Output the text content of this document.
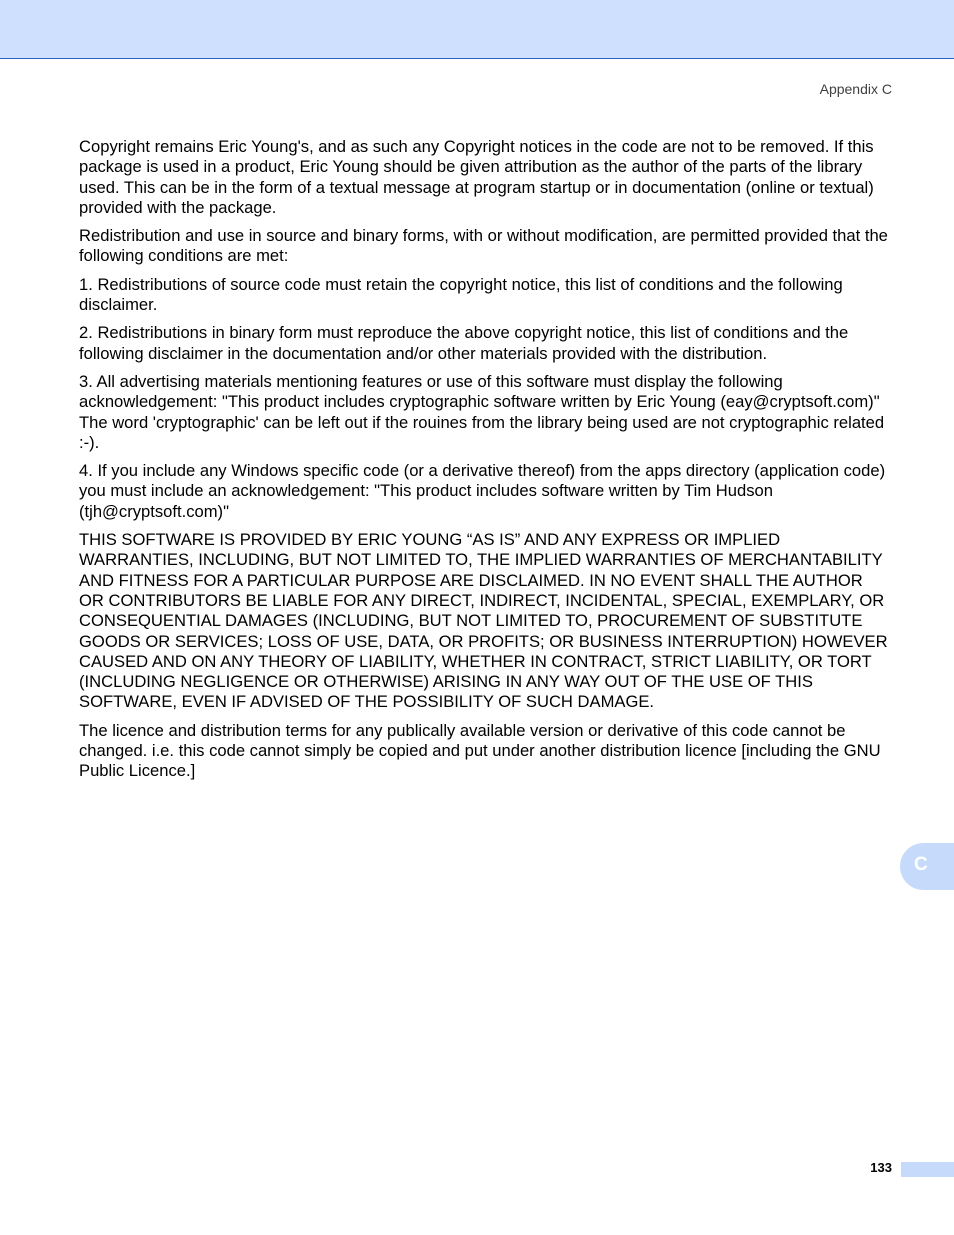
Appendix C

Copyright remains Eric Young's, and as such any Copyright notices in the code are not to be removed. If this package is used in a product, Eric Young should be given attribution as the author of the parts of the library used. This can be in the form of a textual message at program startup or in documentation (online or textual) provided with the package.

Redistribution and use in source and binary forms, with or without modification, are permitted provided that the following conditions are met:

1. Redistributions of source code must retain the copyright notice, this list of conditions and the following disclaimer.

2. Redistributions in binary form must reproduce the above copyright notice, this list of conditions and the following disclaimer in the documentation and/or other materials provided with the distribution.

3. All advertising materials mentioning features or use of this software must display the following acknowledgement: "This product includes cryptographic software written by Eric Young (eay@cryptsoft.com)" The word 'cryptographic' can be left out if the rouines from the library being used are not cryptographic related :-).

4. If you include any Windows specific code (or a derivative thereof) from the apps directory (application code) you must include an acknowledgement: "This product includes software written by Tim Hudson (tjh@cryptsoft.com)"

THIS SOFTWARE IS PROVIDED BY ERIC YOUNG “AS IS” AND ANY EXPRESS OR IMPLIED WARRANTIES, INCLUDING, BUT NOT LIMITED TO, THE IMPLIED WARRANTIES OF MERCHANTABILITY AND FITNESS FOR A PARTICULAR PURPOSE ARE DISCLAIMED. IN NO EVENT SHALL THE AUTHOR OR CONTRIBUTORS BE LIABLE FOR ANY DIRECT, INDIRECT, INCIDENTAL, SPECIAL, EXEMPLARY, OR CONSEQUENTIAL DAMAGES (INCLUDING, BUT NOT LIMITED TO, PROCUREMENT OF SUBSTITUTE GOODS OR SERVICES; LOSS OF USE, DATA, OR PROFITS; OR BUSINESS INTERRUPTION) HOWEVER CAUSED AND ON ANY THEORY OF LIABILITY, WHETHER IN CONTRACT, STRICT LIABILITY, OR TORT (INCLUDING NEGLIGENCE OR OTHERWISE) ARISING IN ANY WAY OUT OF THE USE OF THIS SOFTWARE, EVEN IF ADVISED OF THE POSSIBILITY OF SUCH DAMAGE.

The licence and distribution terms for any publically available version or derivative of this code cannot be changed. i.e. this code cannot simply be copied and put under another distribution licence [including the GNU Public Licence.]

C
133
